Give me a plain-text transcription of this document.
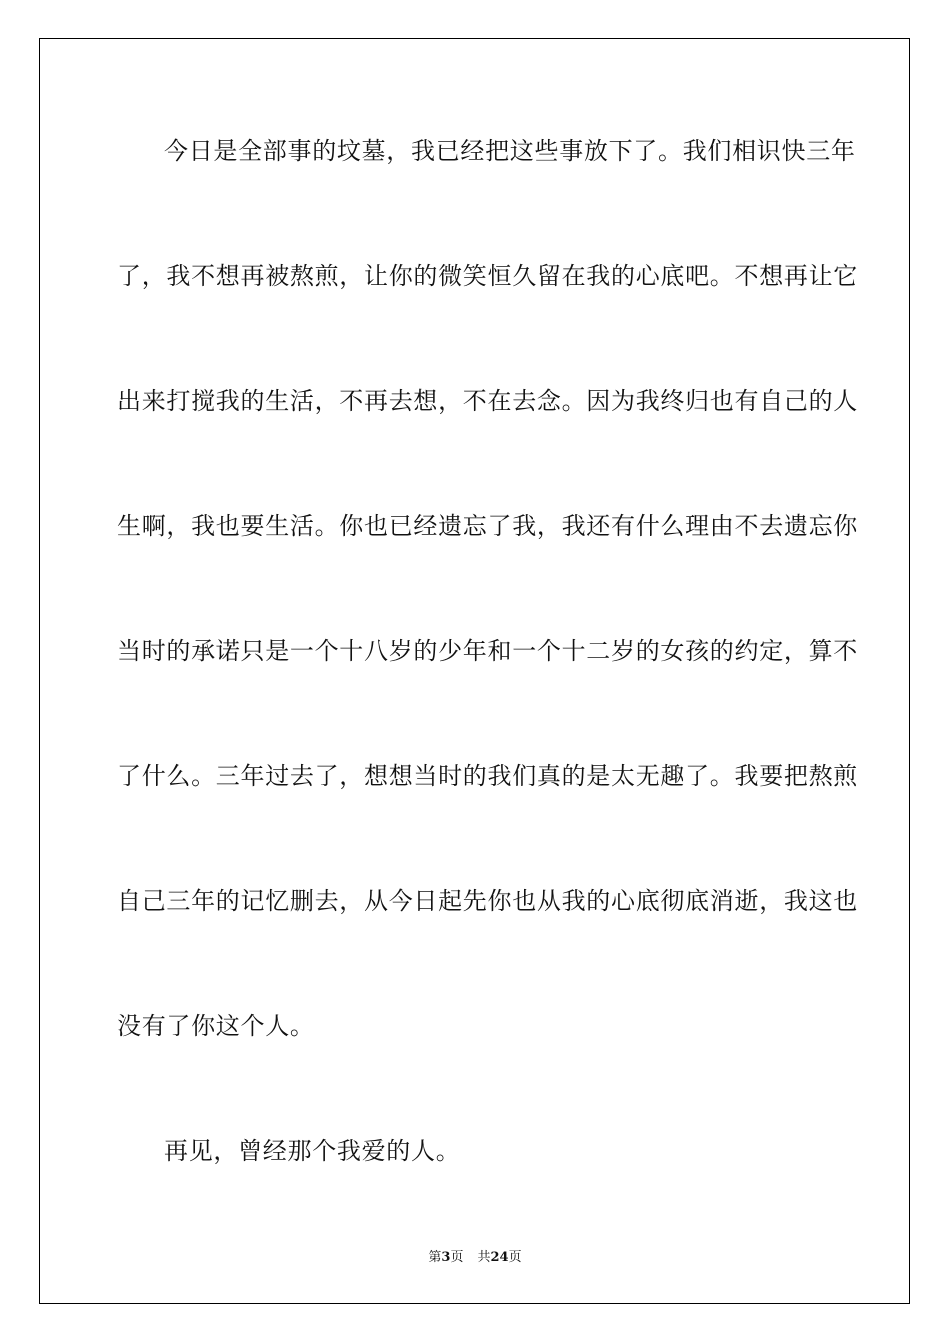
今日是全部事的坟墓，我已经把这些事放下了。我们相识快三年
了，我不想再被熬煎，让你的微笑恒久留在我的心底吧。不想再让它
出来打搅我的生活，不再去想，不在去念。因为我终归也有自己的人
生啊，我也要生活。你也已经遗忘了我，我还有什么理由不去遗忘你
当时的承诺只是一个十八岁的少年和一个十二岁的女孩的约定，算不
了什么。三年过去了，想想当时的我们真的是太无趣了。我要把熬煎
自己三年的记忆删去，从今日起先你也从我的心底彻底消逝，我这也
没有了你这个人。
再见，曾经那个我爱的人。
第3页 共24页
